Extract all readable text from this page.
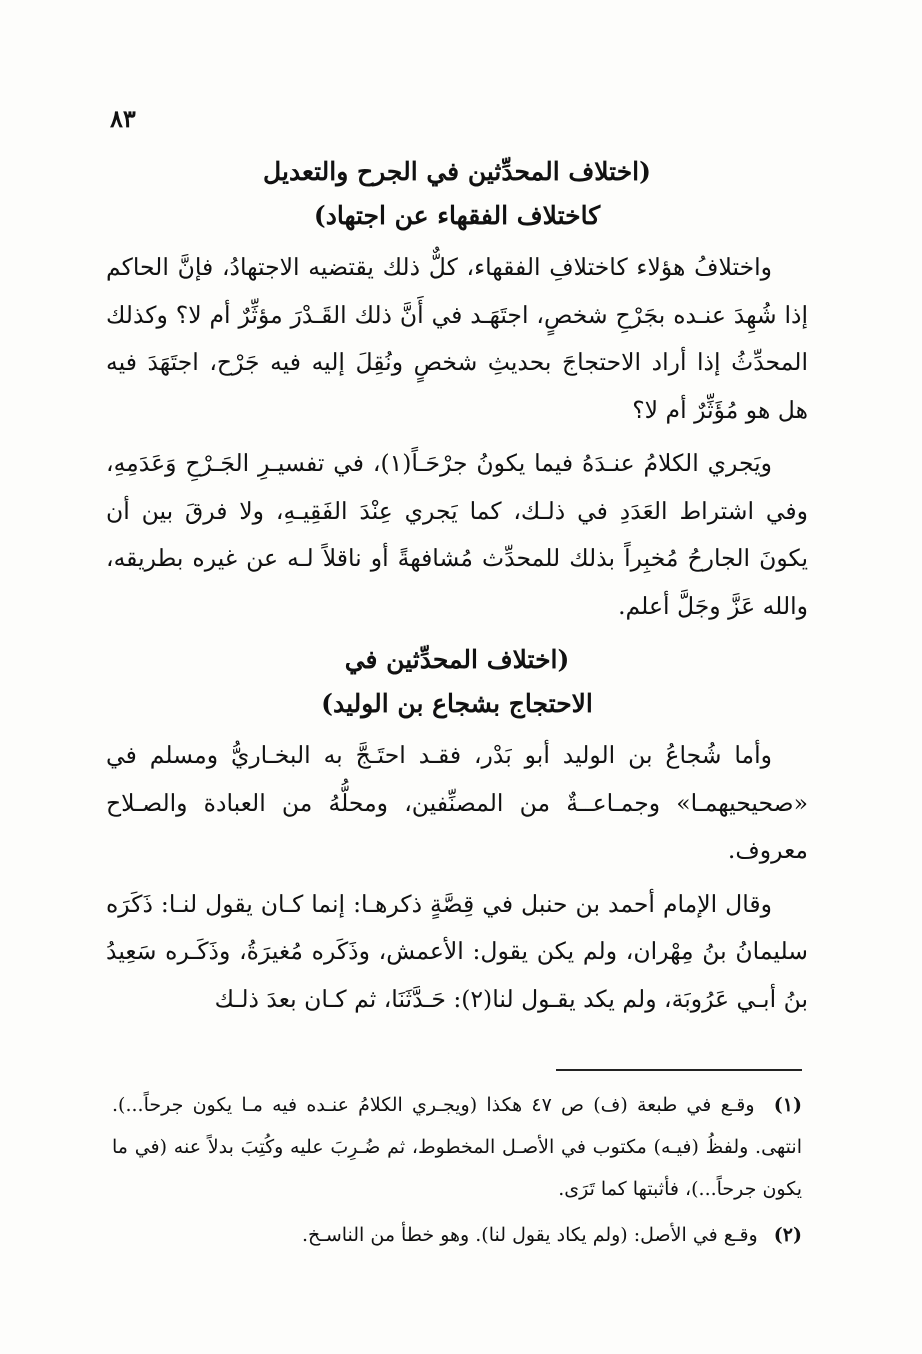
٨٣

(اختلاف المحدِّثين في الجرح والتعديل

كاختلاف الفقهاء عن اجتهاد)

واختلافُ هؤلاء كاختلافِ الفقهاء، كلٌّ ذلك يقتضيه الاجتهادُ، فإنَّ الحاكم إذا شُهِدَ عنـده بجَرْحِ شخصٍ، اجتَهَـد في أَنَّ ذلك القَـدْرَ مؤثِّرٌ أم لا؟ وكذلك المحدِّثُ إذا أراد الاحتجاجَ بحديثِ شخصٍ ونُقِلَ إليه فيه جَرْح، اجتَهَدَ فيه هل هو مُؤَثِّرٌ أم لا؟

ويَجري الكلامُ عنـدَهُ فيما يكونُ جرْحَـاً(١)، في تفسيـرِ الجَـرْحِ وَعَدَمِهِ، وفي اشتراط العَدَدِ في ذلـك، كما يَجري عِنْدَ الفَقِيـهِ، ولا فرقَ بين أن يكونَ الجارحُ مُخبِراً بذلك للمحدِّث مُشافهةً أو ناقلاً لـه عن غيره بطريقه، والله عَزَّ وجَلَّ أعلم.

(اختلاف المحدِّثين في

الاحتجاج بشجاع بن الوليد)

وأما شُجاعُ بن الوليد أبو بَدْر، فقـد احتَـجَّ به البخـاريُّ ومسلم في «صحيحيهمـا» وجمـاعــةٌ من المصنِّفين، ومحلُّهُ من العبادة والصـلاح معروف.

وقال الإمام أحمد بن حنبل في قِصَّةٍ ذكرهـا: إنما كـان يقول لنـا: ذَكَرَه سليمانُ بنُ مِهْران، ولم يكن يقول: الأعمش، وذَكَره مُغيرَةُ، وذَكَـره سَعِيدُ بنُ أبـي عَرُوبَة، ولم يكد يقـول لنا(٢): حَـدَّثَنَا، ثم كـان بعدَ ذلـك

(١) وقـع في طبعة (ف) ص ٤٧ هكذا (ويجـري الكلامُ عنـده فيه مـا يكون جرحاً...). انتهى. ولفظُ (فيـه) مكتوب في الأصـل المخطوط، ثم ضُـرِبَ عليه وكُتِبَ بدلاً عنه (في ما يكون جرحاً...)، فأثبتها كما تَرَى.

(٢) وقـع في الأصل: (ولم يكاد يقول لنا). وهو خطأ من الناسـخ.
